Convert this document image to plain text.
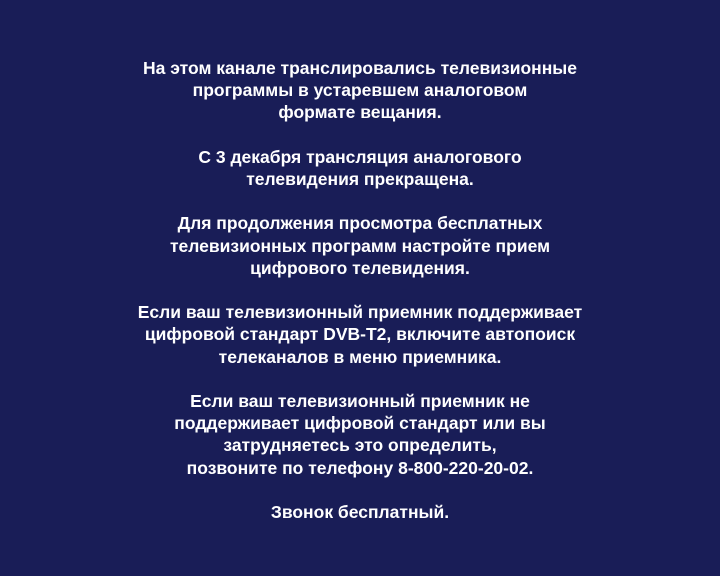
На этом канале транслировались телевизионные
программы в устаревшем аналоговом
формате вещания.

С 3 декабря трансляция аналогового
телевидения прекращена.

Для продолжения просмотра бесплатных
телевизионных программ настройте прием
цифрового телевидения.

Если ваш телевизионный приемник поддерживает
цифровой стандарт DVB-T2, включите автопоиск
телеканалов в меню приемника.

Если ваш телевизионный приемник не
поддерживает цифровой стандарт или вы
затрудняетесь это определить,
позвоните по телефону 8-800-220-20-02.

Звонок бесплатный.
